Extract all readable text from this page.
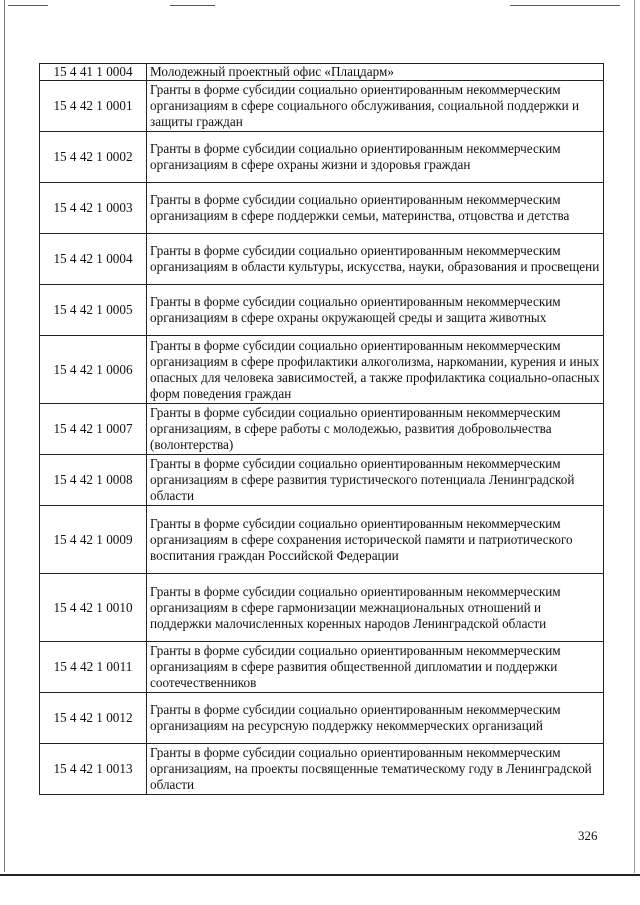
15 4 41 1 0004	Молодежный проектный офис «Плацдарм»
15 4 42 1 0001	Гранты в форме субсидии социально ориентированным некоммерческим организациям в сфере социального обслуживания, социальной поддержки и защиты граждан
15 4 42 1 0002	Гранты в форме субсидии социально ориентированным некоммерческим организациям в сфере охраны жизни и здоровья граждан
15 4 42 1 0003	Гранты в форме субсидии социально ориентированным некоммерческим организациям в сфере поддержки семьи, материнства, отцовства и детства
15 4 42 1 0004	Гранты в форме субсидии социально ориентированным некоммерческим организациям в области культуры, искусства, науки, образования и просвещени
15 4 42 1 0005	Гранты в форме субсидии социально ориентированным некоммерческим организациям в сфере охраны окружающей среды и защита животных
15 4 42 1 0006	Гранты в форме субсидии социально ориентированным некоммерческим организациям в сфере профилактики алкоголизма, наркомании, курения и иных опасных для человека зависимостей, а также профилактика социально-опасных форм поведения граждан
15 4 42 1 0007	Гранты в форме субсидии социально ориентированным некоммерческим организациям, в сфере работы с молодежью, развития добровольчества (волонтерства)
15 4 42 1 0008	Гранты в форме субсидии социально ориентированным некоммерческим организациям в сфере развития туристического потенциала Ленинградской области
15 4 42 1 0009	Гранты в форме субсидии социально ориентированным некоммерческим организациям в сфере сохранения исторической памяти и патриотического воспитания граждан Российской Федерации
15 4 42 1 0010	Гранты в форме субсидии социально ориентированным некоммерческим организациям в сфере гармонизации межнациональных отношений и поддержки малочисленных коренных народов Ленинградской области
15 4 42 1 0011	Гранты в форме субсидии социально ориентированным некоммерческим организациям в сфере развития общественной дипломатии и поддержки соотечественников
15 4 42 1 0012	Гранты в форме субсидии социально ориентированным некоммерческим организациям на ресурсную поддержку некоммерческих организаций
15 4 42 1 0013	Гранты в форме субсидии социально ориентированным некоммерческим организациям, на проекты посвященные тематическому году в Ленинградской области
326
